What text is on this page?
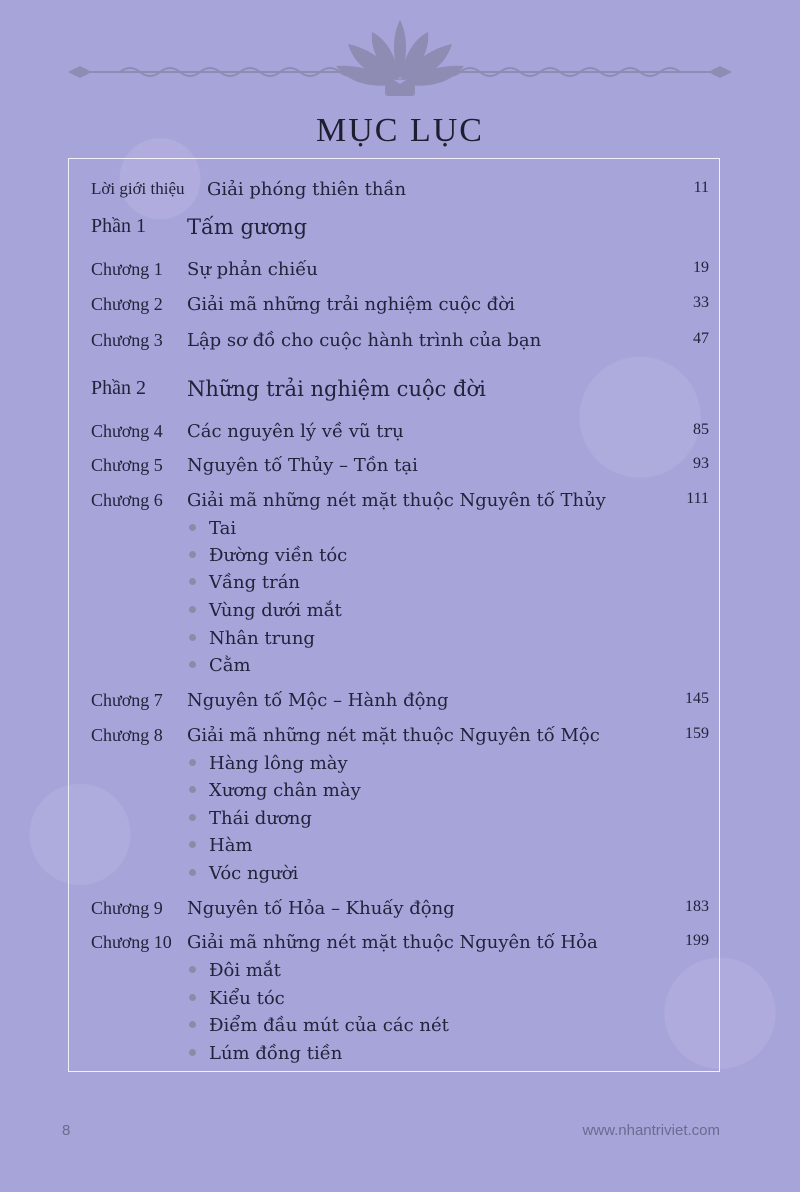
MỤC LỤC
Lời giới thiệu Giải phóng thiên thần	11
Phần 1 Tấm gương
Chương 1 Sự phản chiếu	19
Chương 2 Giải mã những trải nghiệm cuộc đời	33
Chương 3 Lập sơ đồ cho cuộc hành trình của bạn	47
Phần 2 Những trải nghiệm cuộc đời
Chương 4 Các nguyên lý về vũ trụ	85
Chương 5 Nguyên tố Thủy – Tồn tại	93
Chương 6 Giải mã những nét mặt thuộc Nguyên tố Thủy	111
Tai
Đường viền tóc
Vầng trán
Vùng dưới mắt
Nhân trung
Cằm
Chương 7 Nguyên tố Mộc – Hành động	145
Chương 8 Giải mã những nét mặt thuộc Nguyên tố Mộc	159
Hàng lông mày
Xương chân mày
Thái dương
Hàm
Vóc người
Chương 9 Nguyên tố Hỏa – Khuấy động	183
Chương 10 Giải mã những nét mặt thuộc Nguyên tố Hỏa	199
Đôi mắt
Kiểu tóc
Điểm đầu mút của các nét
Lúm đồng tiền
8	www.nhantriviet.com
